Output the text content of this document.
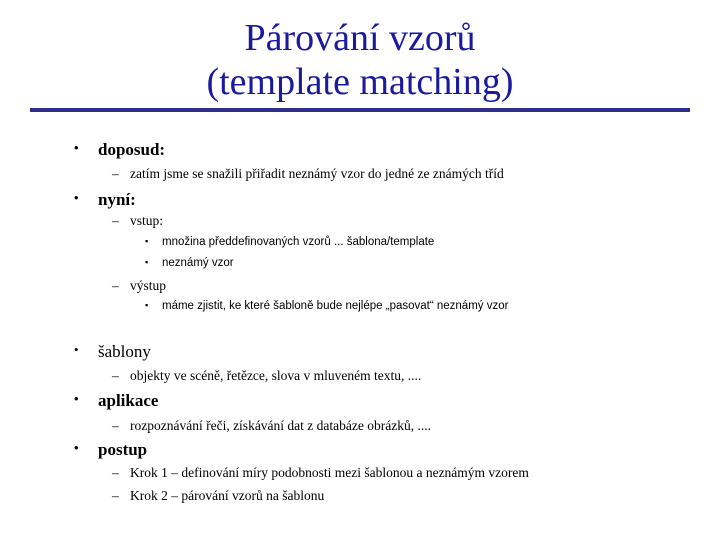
Párování vzorů
(template matching)
• doposud:
– zatím jsme se snažili přiřadit neznámý vzor do jedné ze známých tříd
• nyní:
– vstup:
▪ množina předdefinovaných vzorů ... šablona/template
▪ neznámý vzor
– výstup
▪ máme zjistit, ke které šabloně bude nejlépe „pasovat“ neznámý vzor
• šablony
– objekty ve scéně, řetězce, slova v mluveném textu, ....
• aplikace
– rozpoznávání řeči, získávání dat z databáze obrázků, ....
• postup
– Krok 1 – definování míry podobnosti mezi šablonou a neznámým vzorem
– Krok 2 – párování vzorů na šablonu
